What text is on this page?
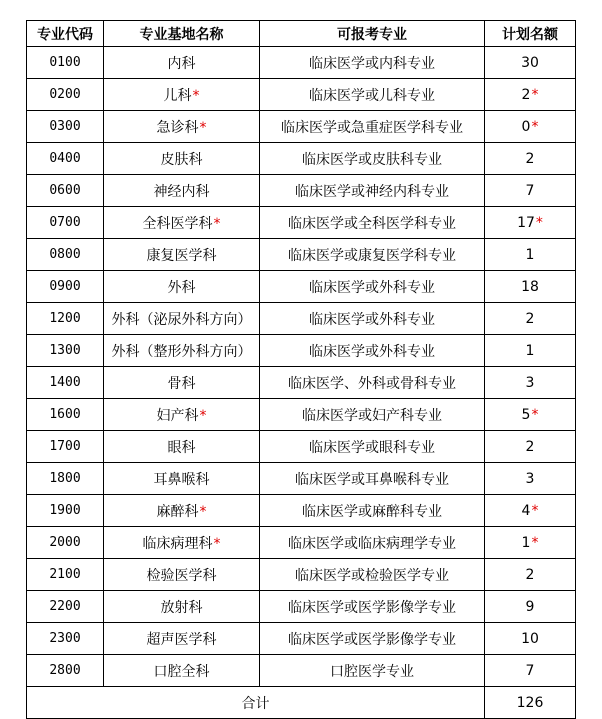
专业代码	专业基地名称	可报考专业	计划名额
0100	内科	临床医学或内科专业	30
0200	儿科*	临床医学或儿科专业	2*
0300	急诊科*	临床医学或急重症医学科专业	0*
0400	皮肤科	临床医学或皮肤科专业	2
0600	神经内科	临床医学或神经内科专业	7
0700	全科医学科*	临床医学或全科医学科专业	17*
0800	康复医学科	临床医学或康复医学科专业	1
0900	外科	临床医学或外科专业	18
1200	外科（泌尿外科方向）	临床医学或外科专业	2
1300	外科（整形外科方向）	临床医学或外科专业	1
1400	骨科	临床医学、外科或骨科专业	3
1600	妇产科*	临床医学或妇产科专业	5*
1700	眼科	临床医学或眼科专业	2
1800	耳鼻喉科	临床医学或耳鼻喉科专业	3
1900	麻醉科*	临床医学或麻醉科专业	4*
2000	临床病理科*	临床医学或临床病理学专业	1*
2100	检验医学科	临床医学或检验医学专业	2
2200	放射科	临床医学或医学影像学专业	9
2300	超声医学科	临床医学或医学影像学专业	10
2800	口腔全科	口腔医学专业	7
合计			126
